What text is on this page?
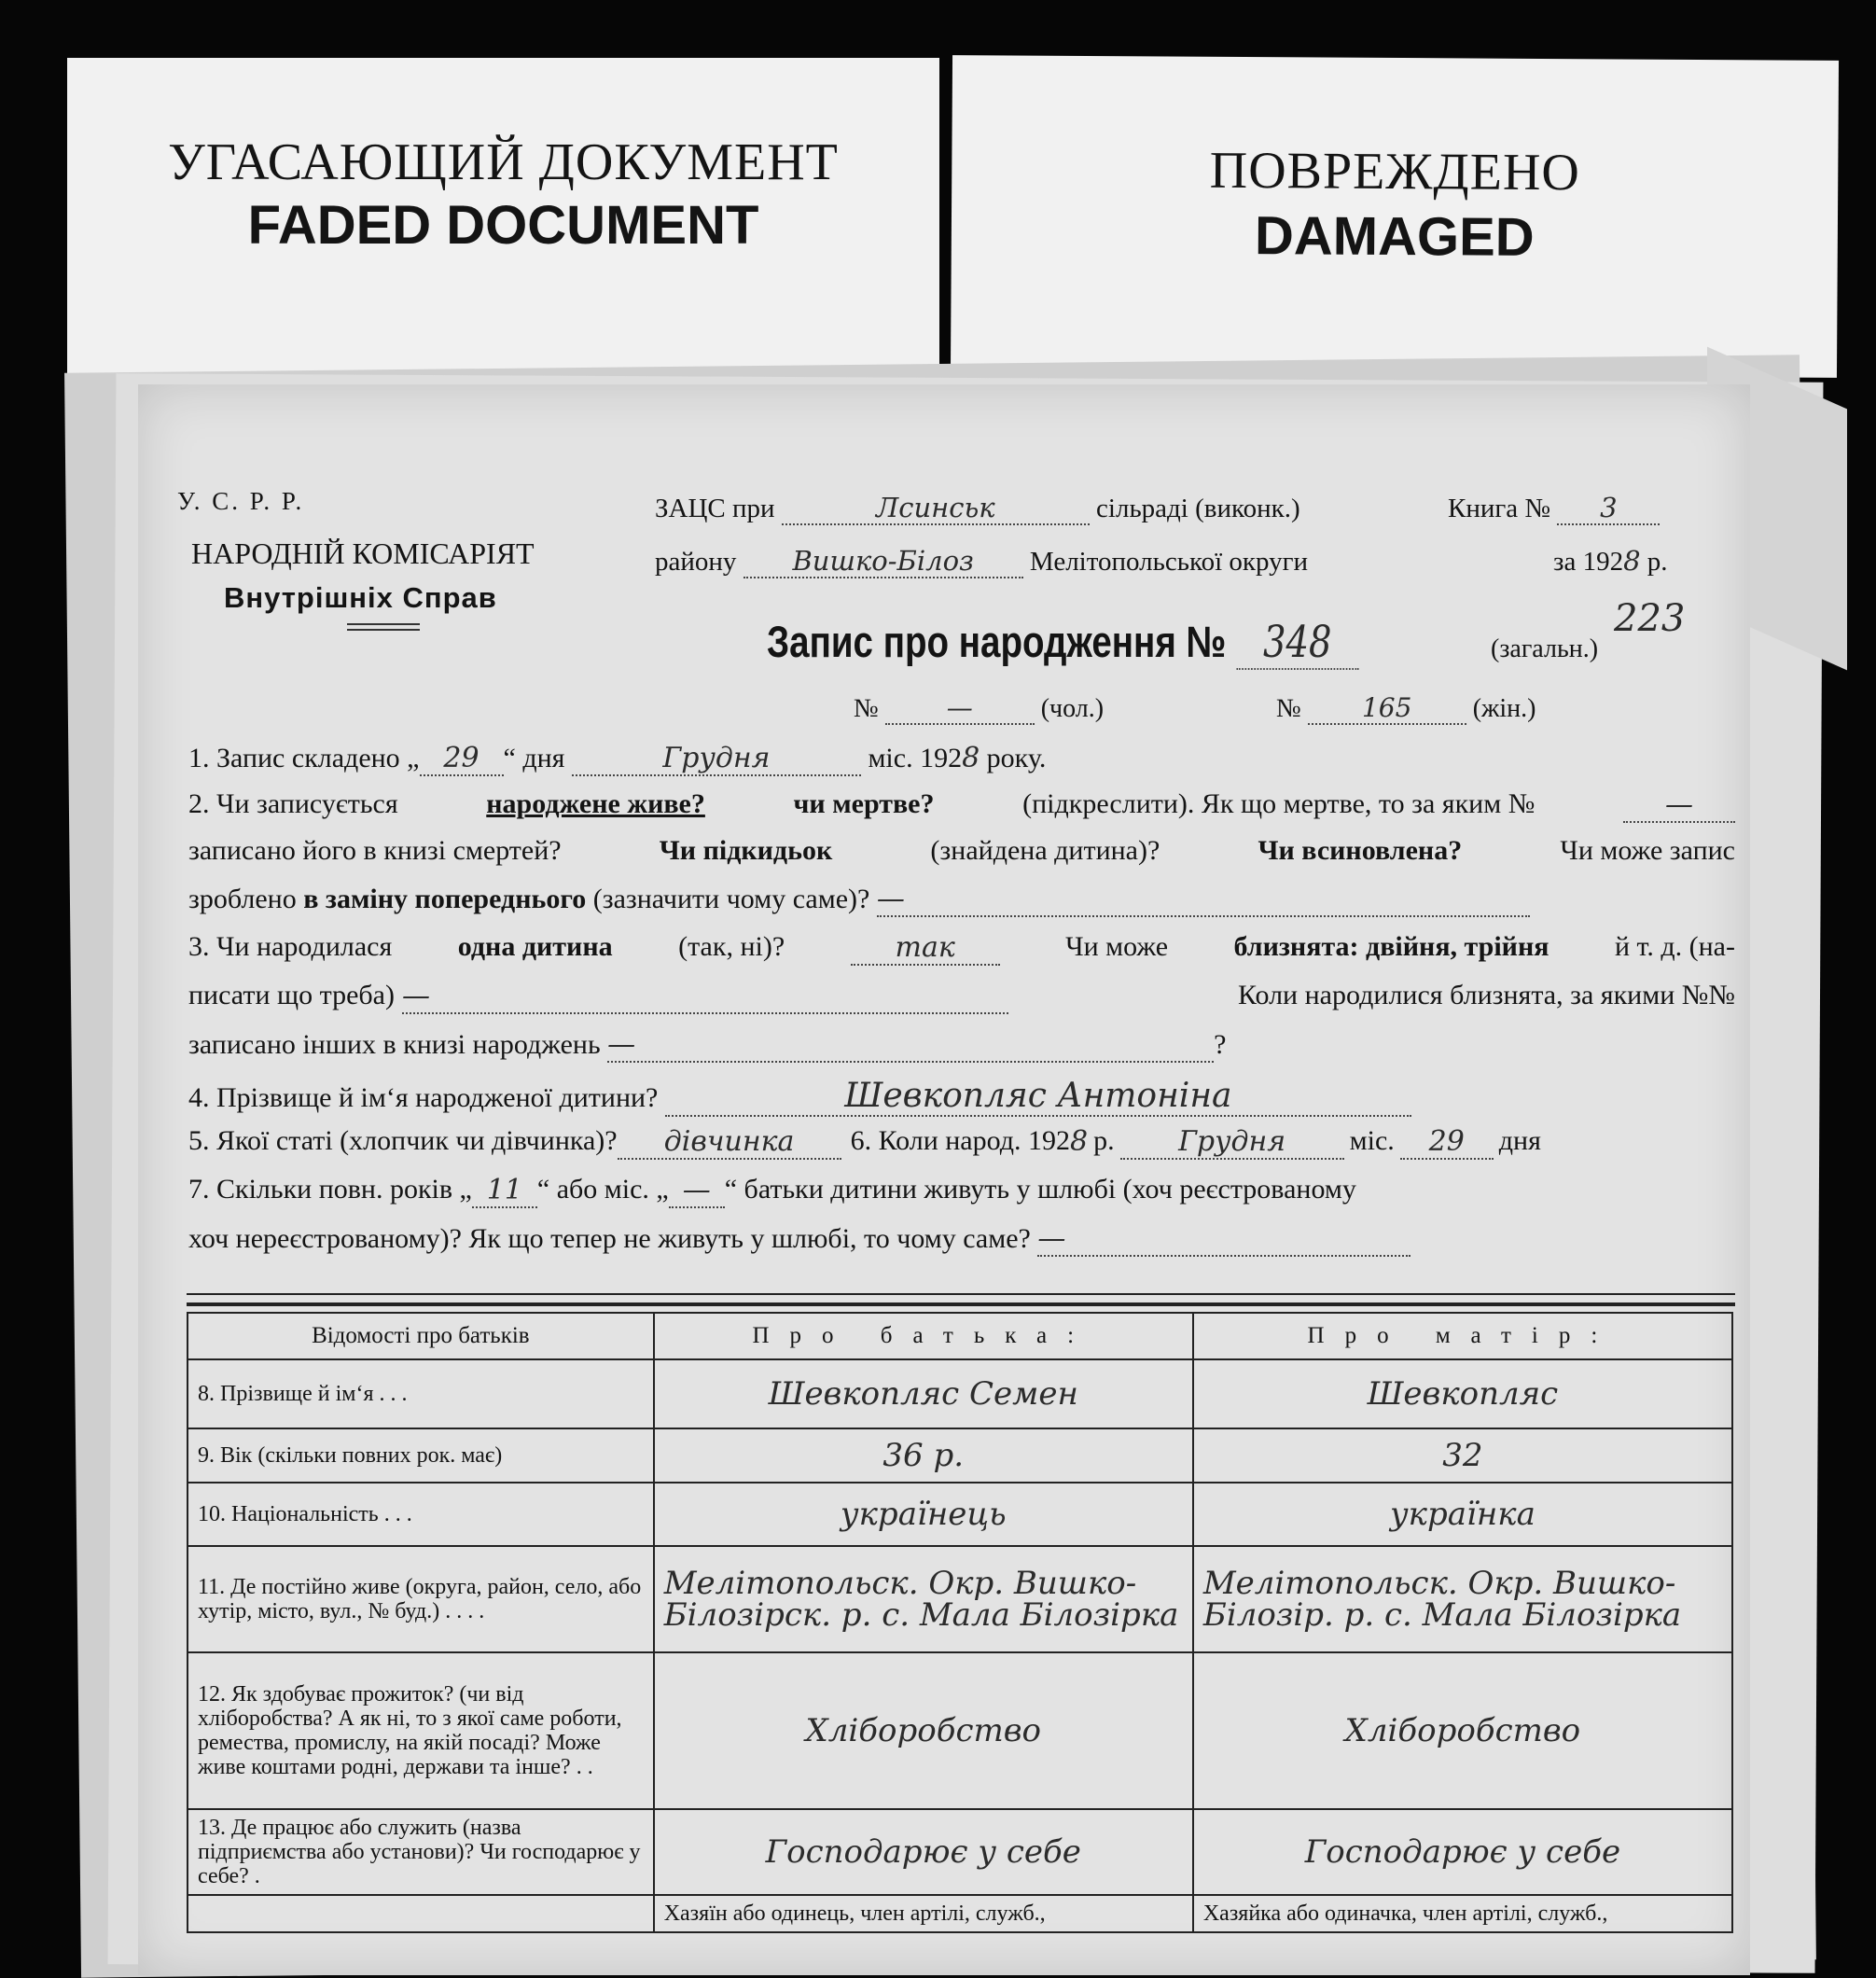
УГАСАЮЩИЙ ДОКУМЕНТ
FADED DOCUMENT
ПОВРЕЖДЕНО
DAMAGED
У. С. Р. Р.
НАРОДНІЙ КОМІСАРІЯТ
Внутрішніх Справ
ЗАЦС при	Лсинськ	сільраді (виконк.)	Книга № 3
району Вишко-Білоз Мелітопольської округи	за 1928 р.
Запис про народження № 348	223
(загальн.)
№	—	(чол.)	№ 165 (жін.)
1. Запис складено „ 29 “ дня	Грудня	міс. 1928 року.
2. Чи записується	народжене живе?	чи мертве?	(підкреслити). Як що мертве, то за яким №	—
записано його в книзі смертей?	Чи підкидьок	(знайдена дитина)?	Чи всиновлена?	Чи може запис
зроблено в заміну попереднього (зазначити чому саме)? —
3. Чи народилася одна дитина (так, ні)?	так	Чи може близнята: двійня, трійня й т. д. (на-
писати що треба) —	Коли народилися близнята, за якими №№
записано інших в книзі народжень —	?
4. Прізвище й ім‘я народженої дитини?	Шевкопляс Антоніна
5. Якої статі (хлопчик чи дівчинка)?	дівчинка	6. Коли народ. 192 8 р.	Грудня	міс.	29	дня
7. Скільки повн. років „ 11 “ або міс. „ — “ батьки дитини живуть у шлюбі (хоч реєстрованому
хоч нереєстрованому)? Як що тепер не живуть у шлюбі, то чому саме? —
Відомості про батьків	Про батька:	Про матір:
8. Прізвище й ім‘я . . .	Шевкопляс Семен	Шевкопляс
9. Вік (скільки повних рок. має)	36 р.	32
10. Національність . . .	українець	українка
11. Де постійно живе (округа, район, село, або хутір, місто, вул., № буд.) . . . .	Мелітопольск. Окр. Вишко-Білозірск. р. с. Мала Білозірка	Мелітопольск. Окр. Вишко-Білозір. р. с. Мала Білозірка
12. Як здобуває прожиток? (чи від хліборобства? А як ні, то з якої саме роботи, ремества, промислу, на якій посаді? Може живе коштами родні, держави та інше? . .	Хліборобство	Хліборобство
13. Де працює або служить (назва підприємства або установи)? Чи господарює у себе? .	Господарює у себе	Господарює у себе
	Хазяїн або одинець, член артілі, служб.,	Хазяйка або одиначка, член артілі, служб.,
